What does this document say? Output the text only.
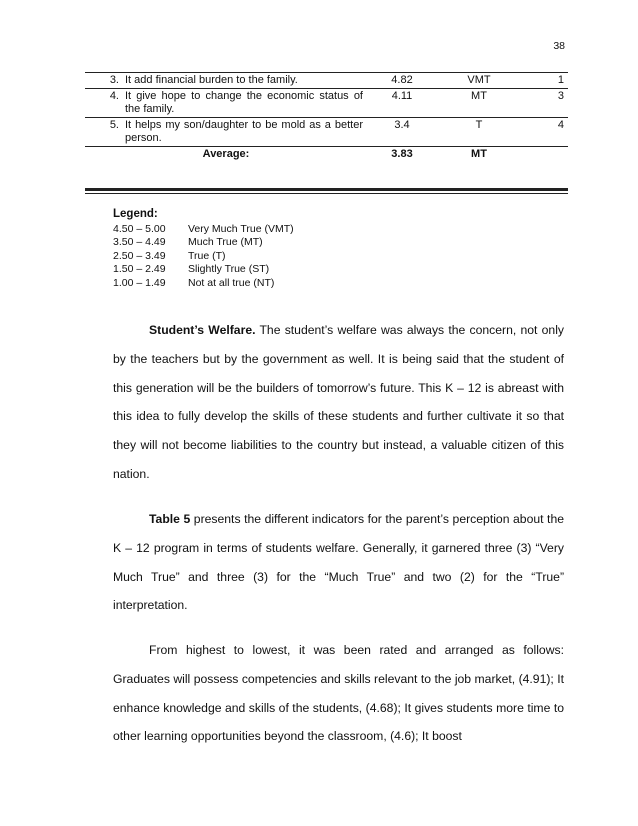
38
3. It add financial burden to the family.	4.82	VMT	1

4. It give hope to change the economic status of the family.	4.11	MT	3

5. It helps my son/daughter to be mold as a better person.	3.4	T	4
Average:	3.83	MT	
Legend:
4.50 – 5.00	Very Much True (VMT)
3.50 – 4.49	Much True (MT)
2.50 – 3.49	True (T)
1.50 – 2.49	Slightly True (ST)
1.00 – 1.49	Not at all true (NT)
Student’s Welfare. The student’s welfare was always the concern, not only by the teachers but by the government as well. It is being said that the student of this generation will be the builders of tomorrow’s future. This K – 12 is abreast with this idea to fully develop the skills of these students and further cultivate it so that they will not become liabilities to the country but instead, a valuable citizen of this nation.
Table 5 presents the different indicators for the parent’s perception about the K – 12 program in terms of students welfare. Generally, it garnered three (3) “Very Much True” and three (3) for the “Much True” and two (2) for the “True” interpretation.
From highest to lowest, it was been rated and arranged as follows: Graduates will possess competencies and skills relevant to the job market, (4.91); It enhance knowledge and skills of the students, (4.68); It gives students more time to other learning opportunities beyond the classroom, (4.6); It boost
